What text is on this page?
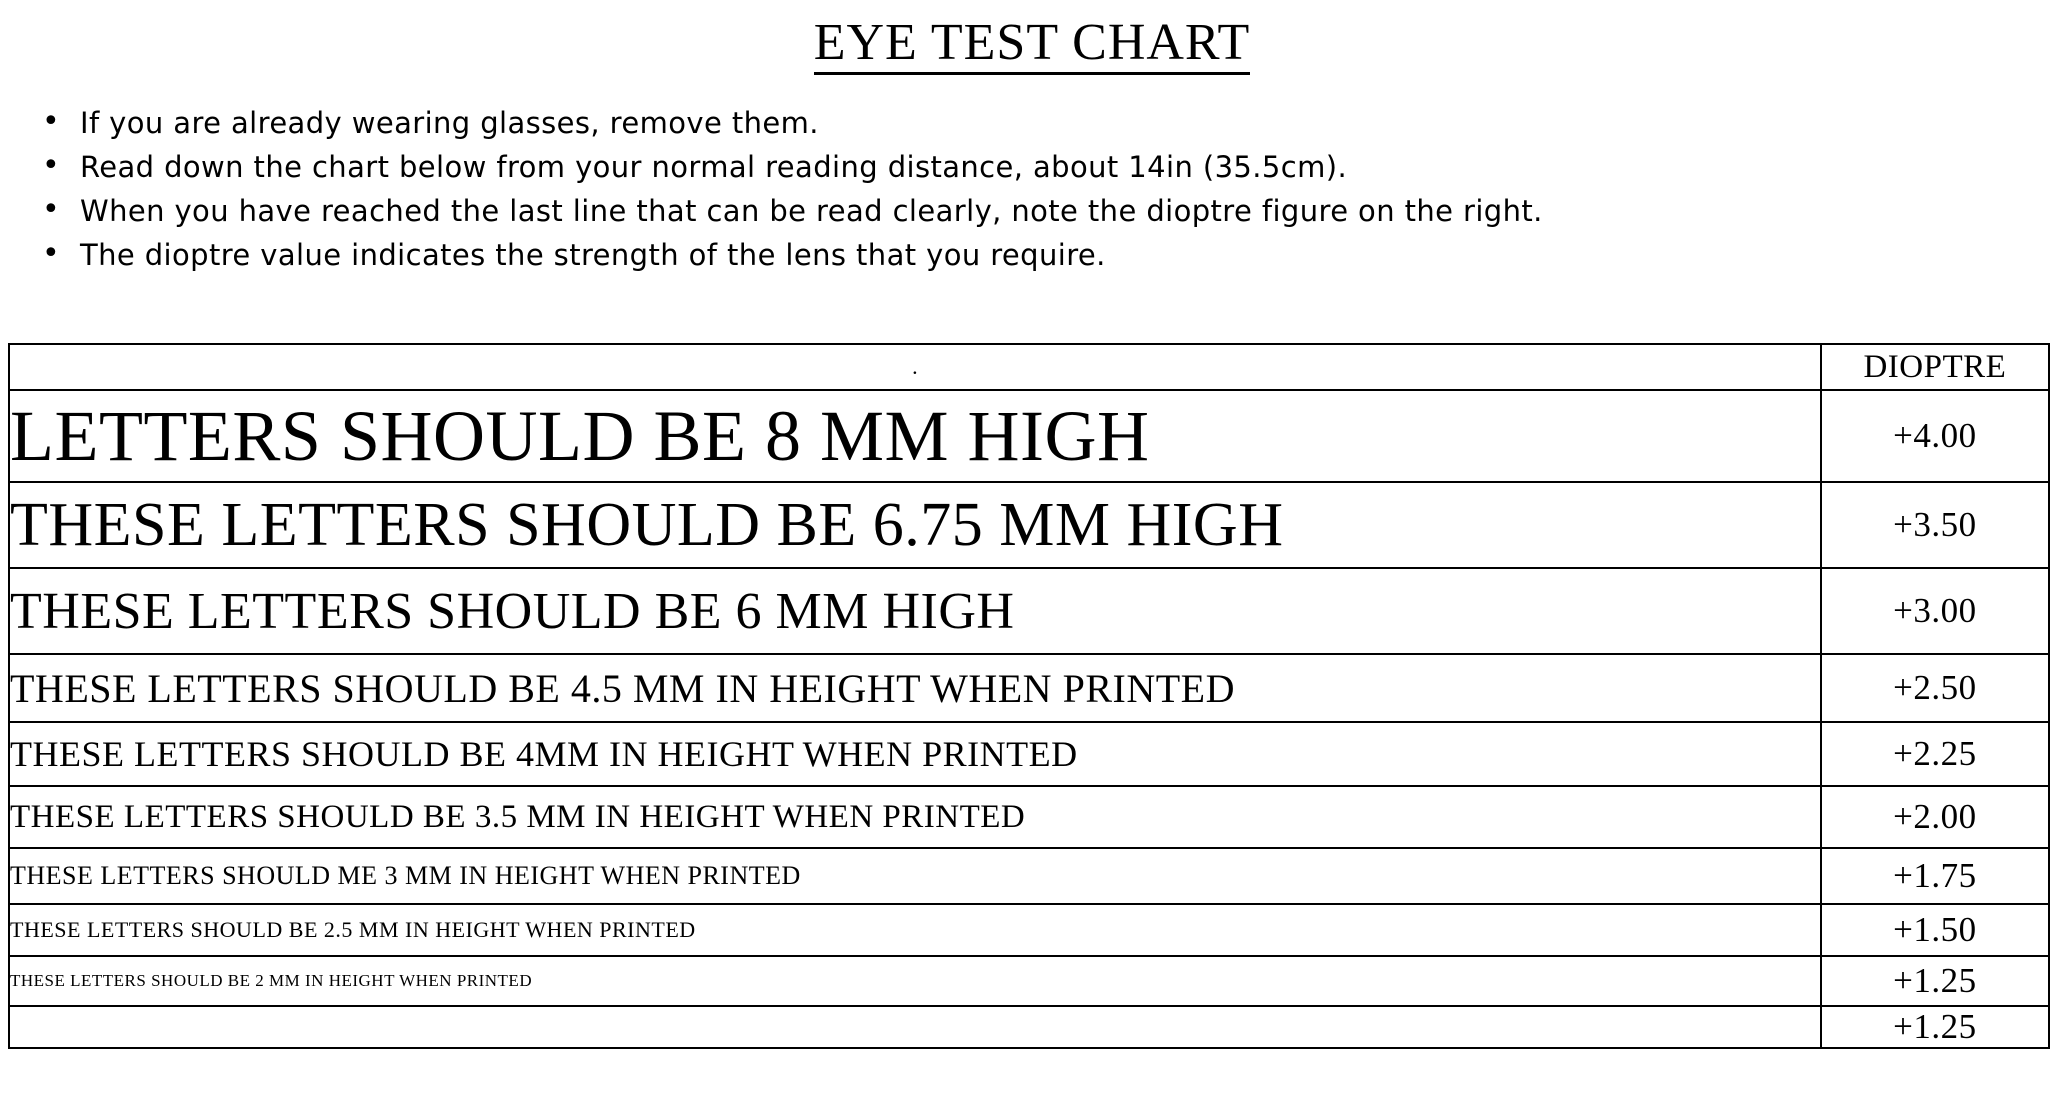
EYE TEST CHART
• If you are already wearing glasses, remove them.
• Read down the chart below from your normal reading distance, about 14in (35.5cm).
• When you have reached the last line that can be read clearly, note the dioptre figure on the right.
• The dioptre value indicates the strength of the lens that you require.
.	DIOPTRE
LETTERS SHOULD BE 8 MM HIGH	+4.00
THESE LETTERS SHOULD BE 6.75 MM HIGH	+3.50
THESE LETTERS SHOULD BE 6 MM HIGH	+3.00
THESE LETTERS SHOULD BE 4.5 MM IN HEIGHT WHEN PRINTED	+2.50
THESE LETTERS SHOULD BE 4MM IN HEIGHT WHEN PRINTED	+2.25
THESE LETTERS SHOULD BE 3.5 MM IN HEIGHT WHEN PRINTED	+2.00
THESE LETTERS SHOULD ME 3 MM IN HEIGHT WHEN PRINTED	+1.75
THESE LETTERS SHOULD BE 2.5 MM IN HEIGHT WHEN PRINTED	+1.50
THESE LETTERS SHOULD BE 2 MM IN HEIGHT WHEN PRINTED	+1.25
	+1.25
